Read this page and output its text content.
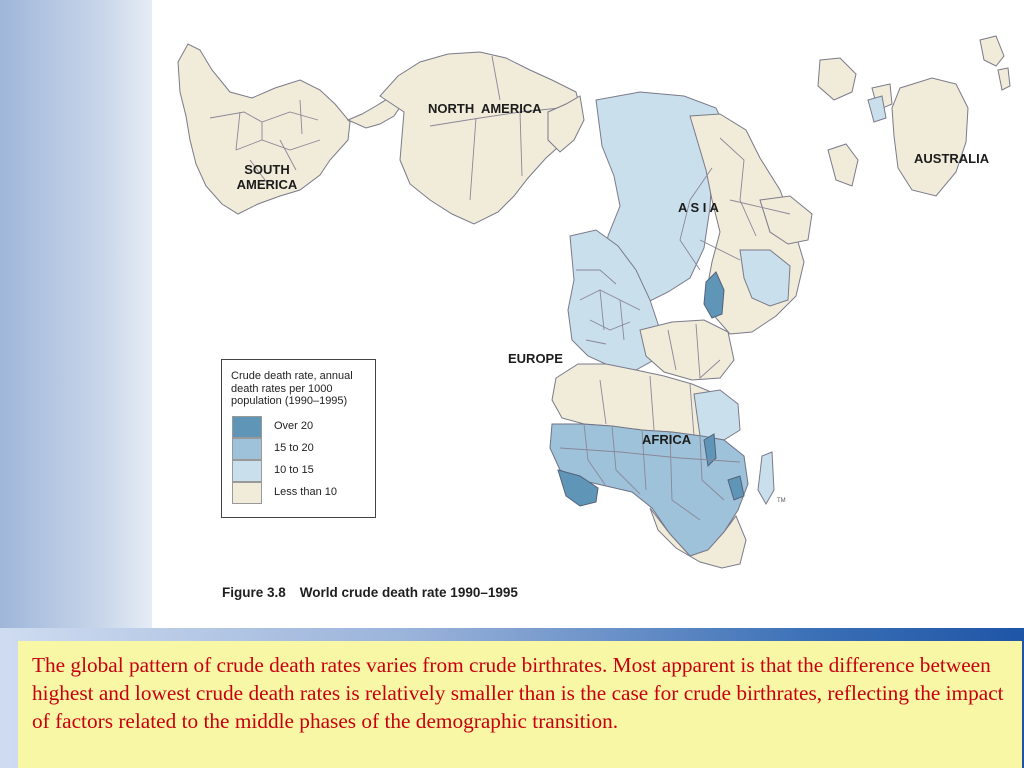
SOUTH
AMERICA
NORTH  AMERICA
A S I A
AUSTRALIA
EUROPE
AFRICA
Crude death rate, annual death rates per 1000 population (1990–1995)
Over 20
15 to 20
10 to 15
Less than 10
TM
Figure 3.8 World crude death rate 1990–1995
The global pattern of crude death rates varies from crude birthrates. Most apparent is that the difference between highest and lowest crude death rates is relatively smaller than is the case for crude birthrates, reflecting the impact of factors related to the middle phases of the demographic transition.
